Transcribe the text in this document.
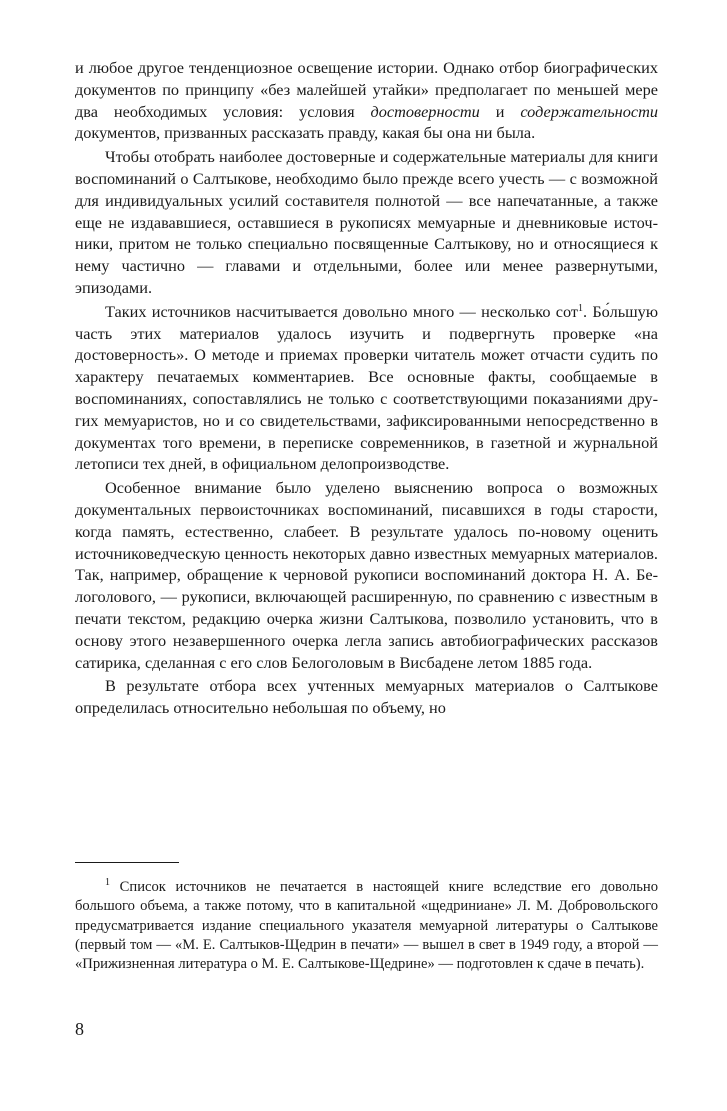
и любое другое тенденциозное освещение истории. Однако отбор биографических документов по принципу «без малейшей утайки» предполагает по меньшей мере два необходимых условия: условия достоверности и содержательности документов, призванных рассказать правду, какая бы она ни была.

Чтобы отобрать наиболее достоверные и содержательные материалы для книги воспоминаний о Салтыкове, необходимо было прежде всего учесть — с возможной для индивидуальных усилий составителя полнотой — все напечатанные, а также еще не издававшиеся, оставшиеся в рукописях мемуарные и дневниковые источники, притом не только специально посвященные Салтыкову, но и относящиеся к нему частично — главами и отдельными, более или менее развернутыми, эпизодами.

Таких источников насчитывается довольно много — несколько сот$^1$. Бо́льшую часть этих материалов удалось изучить и подвергнуть проверке «на достоверность». О методе и приемах проверки читатель может отчасти судить по характеру печатаемых комментариев. Все основные факты, сообщаемые в воспоминаниях, сопоставлялись не только с соответствующими показаниями других мемуаристов, но и со свидетельствами, зафиксированными непосредственно в документах того времени, в переписке современников, в газетной и журнальной летописи тех дней, в официальном делопроизводстве.

Особенное внимание было уделено выяснению вопроса о возможных документальных первоисточниках воспоминаний, писавшихся в годы старости, когда память, естественно, слабеет. В результате удалось по-новому оценить источниковедческую ценность некоторых давно известных мемуарных материалов. Так, например, обращение к черновой рукописи воспоминаний доктора Н. А. Белоголового, — рукописи, включающей расширенную, по сравнению с известным в печати текстом, редакцию очерка жизни Салтыкова, позволило установить, что в основу этого незавершенного очерка легла запись автобиографических рассказов сатирика, сделанная с его слов Белоголовым в Висбадене летом 1885 года.

В результате отбора всех учтенных мемуарных материалов о Салтыкове определилась относительно небольшая по объему, но

$^1$ Список источников не печатается в настоящей книге вследствие его довольно большого объема, а также потому, что в капитальной «щедриниане» Л. М. Добровольского предусматривается издание специального указателя мемуарной литературы о Салтыкове (первый том — «М. Е. Салтыков-Щедрин в печати» — вышел в свет в 1949 году, а второй — «Прижизненная литература о М. Е. Салтыкове-Щедрине» — подготовлен к сдаче в печать).

8
